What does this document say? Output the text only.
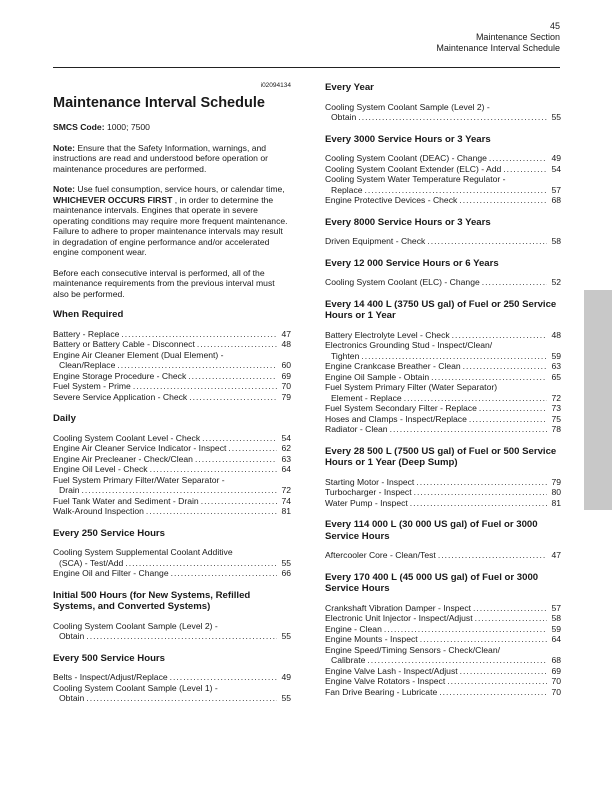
45
Maintenance Section
Maintenance Interval Schedule
i02094134
Maintenance Interval Schedule
SMCS Code: 1000; 7500
Note: Ensure that the Safety Information, warnings, and instructions are read and understood before operation or maintenance procedures are performed.
Note: Use fuel consumption, service hours, or calendar time, WHICHEVER OCCURS FIRST , in order to determine the maintenance intervals. Engines that operate in severe operating conditions may require more frequent maintenance. Failure to adhere to proper maintenance intervals may result in degradation of engine performance and/or accelerated engine component wear.
Before each consecutive interval is performed, all of the maintenance requirements from the previous interval must also be performed.
When Required
Battery - Replace .....	47
Battery or Battery Cable - Disconnect .....	48
Engine Air Cleaner Element (Dual Element) -
Clean/Replace .....	60
Engine Storage Procedure - Check .....	69
Fuel System - Prime .....	70
Severe Service Application - Check .....	79
Daily
Cooling System Coolant Level - Check .....	54
Engine Air Cleaner Service Indicator - Inspect .....	62
Engine Air Precleaner - Check/Clean .....	63
Engine Oil Level - Check .....	64
Fuel System Primary Filter/Water Separator -
Drain .....	72
Fuel Tank Water and Sediment - Drain .....	74
Walk-Around Inspection .....	81
Every 250 Service Hours
Cooling System Supplemental Coolant Additive
(SCA) - Test/Add .....	55
Engine Oil and Filter - Change .....	66
Initial 500 Hours (for New Systems, Refilled Systems, and Converted Systems)
Cooling System Coolant Sample (Level 2) -
Obtain .....	55
Every 500 Service Hours
Belts - Inspect/Adjust/Replace .....	49
Cooling System Coolant Sample (Level 1) -
Obtain .....	55
Every Year
Cooling System Coolant Sample (Level 2) -
Obtain .....	55
Every 3000 Service Hours or 3 Years
Cooling System Coolant (DEAC) - Change .....	49
Cooling System Coolant Extender (ELC) - Add .....	54
Cooling System Water Temperature Regulator -
Replace .....	57
Engine Protective Devices - Check .....	68
Every 8000 Service Hours or 3 Years
Driven Equipment - Check .....	58
Every 12 000 Service Hours or 6 Years
Cooling System Coolant (ELC) - Change .....	52
Every 14 400 L (3750 US gal) of Fuel or 250 Service Hours or 1 Year
Battery Electrolyte Level - Check .....	48
Electronics Grounding Stud - Inspect/Clean/
Tighten .....	59
Engine Crankcase Breather - Clean .....	63
Engine Oil Sample - Obtain .....	65
Fuel System Primary Filter (Water Separator)
Element - Replace .....	72
Fuel System Secondary Filter - Replace .....	73
Hoses and Clamps - Inspect/Replace .....	75
Radiator - Clean .....	78
Every 28 500 L (7500 US gal) of Fuel or 500 Service Hours or 1 Year (Deep Sump)
Starting Motor - Inspect .....	79
Turbocharger - Inspect .....	80
Water Pump - Inspect .....	81
Every 114 000 L (30 000 US gal) of Fuel or 3000 Service Hours
Aftercooler Core - Clean/Test .....	47
Every 170 400 L (45 000 US gal) of Fuel or 3000 Service Hours
Crankshaft Vibration Damper - Inspect .....	57
Electronic Unit Injector - Inspect/Adjust .....	58
Engine - Clean .....	59
Engine Mounts - Inspect .....	64
Engine Speed/Timing Sensors - Check/Clean/
Calibrate .....	68
Engine Valve Lash - Inspect/Adjust .....	69
Engine Valve Rotators - Inspect .....	70
Fan Drive Bearing - Lubricate .....	70
